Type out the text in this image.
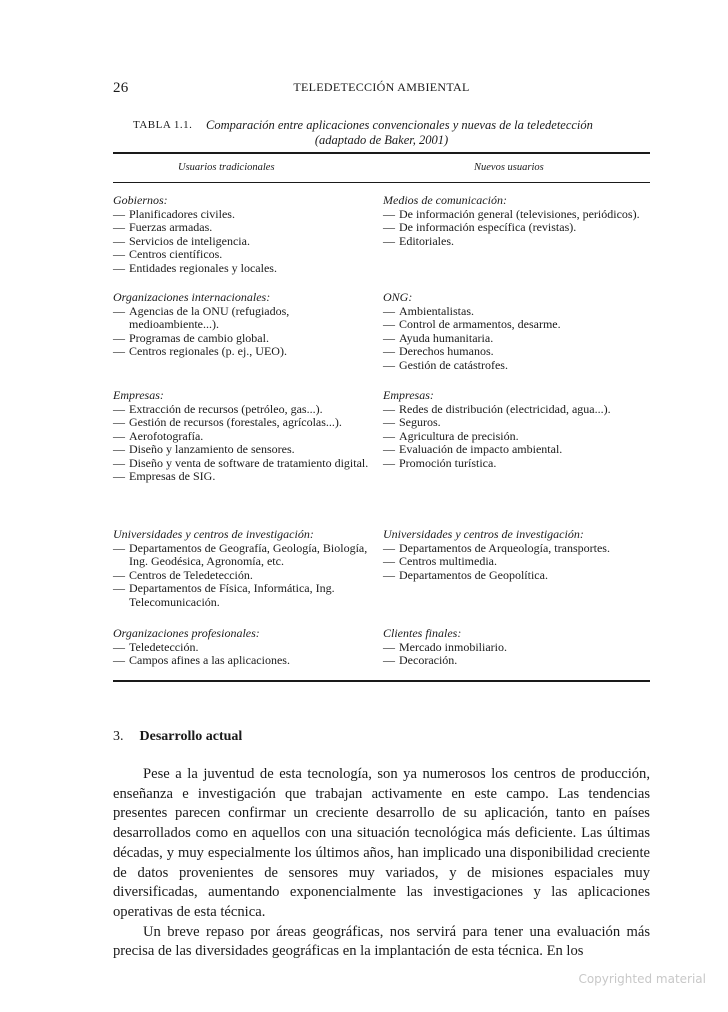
26	TELEDETECCIÓN AMBIENTAL
TABLA 1.1. Comparación entre aplicaciones convencionales y nuevas de la teledetección
(adaptado de Baker, 2001)
Usuarios tradicionales	Nuevos usuarios
Gobiernos:
— Planificadores civiles.
— Fuerzas armadas.
— Servicios de inteligencia.
— Centros científicos.
— Entidades regionales y locales.
Organizaciones internacionales:
— Agencias de la ONU (refugiados, medioambiente...).
— Programas de cambio global.
— Centros regionales (p. ej., UEO).
Empresas:
— Extracción de recursos (petróleo, gas...).
— Gestión de recursos (forestales, agrícolas...).
— Aerofotografía.
— Diseño y lanzamiento de sensores.
— Diseño y venta de software de tratamiento digital.
— Empresas de SIG.
Universidades y centros de investigación:
— Departamentos de Geografía, Geología, Biología, Ing. Geodésica, Agronomía, etc.
— Centros de Teledetección.
— Departamentos de Física, Informática, Ing. Telecomunicación.
Organizaciones profesionales:
— Teledetección.
— Campos afines a las aplicaciones.
Medios de comunicación:
— De información general (televisiones, periódicos).
— De información específica (revistas).
— Editoriales.
ONG:
— Ambientalistas.
— Control de armamentos, desarme.
— Ayuda humanitaria.
— Derechos humanos.
— Gestión de catástrofes.
Empresas:
— Redes de distribución (electricidad, agua...).
— Seguros.
— Agricultura de precisión.
— Evaluación de impacto ambiental.
— Promoción turística.
Universidades y centros de investigación:
— Departamentos de Arqueología, transportes.
— Centros multimedia.
— Departamentos de Geopolítica.
Clientes finales:
— Mercado inmobiliario.
— Decoración.
3. Desarrollo actual

Pese a la juventud de esta tecnología, son ya numerosos los centros de producción, enseñanza e investigación que trabajan activamente en este campo. Las tendencias presentes parecen confirmar un creciente desarrollo de su aplicación, tanto en países desarrollados como en aquellos con una situación tecnológica más deficiente. Las últimas décadas, y muy especialmente los últimos años, han implicado una disponibilidad creciente de datos provenientes de sensores muy variados, y de misiones espaciales muy diversificadas, aumentando exponencialmente las investigaciones y las aplicaciones operativas de esta técnica.

Un breve repaso por áreas geográficas, nos servirá para tener una evaluación más precisa de las diversidades geográficas en la implantación de esta técnica. En los

Copyrighted material
